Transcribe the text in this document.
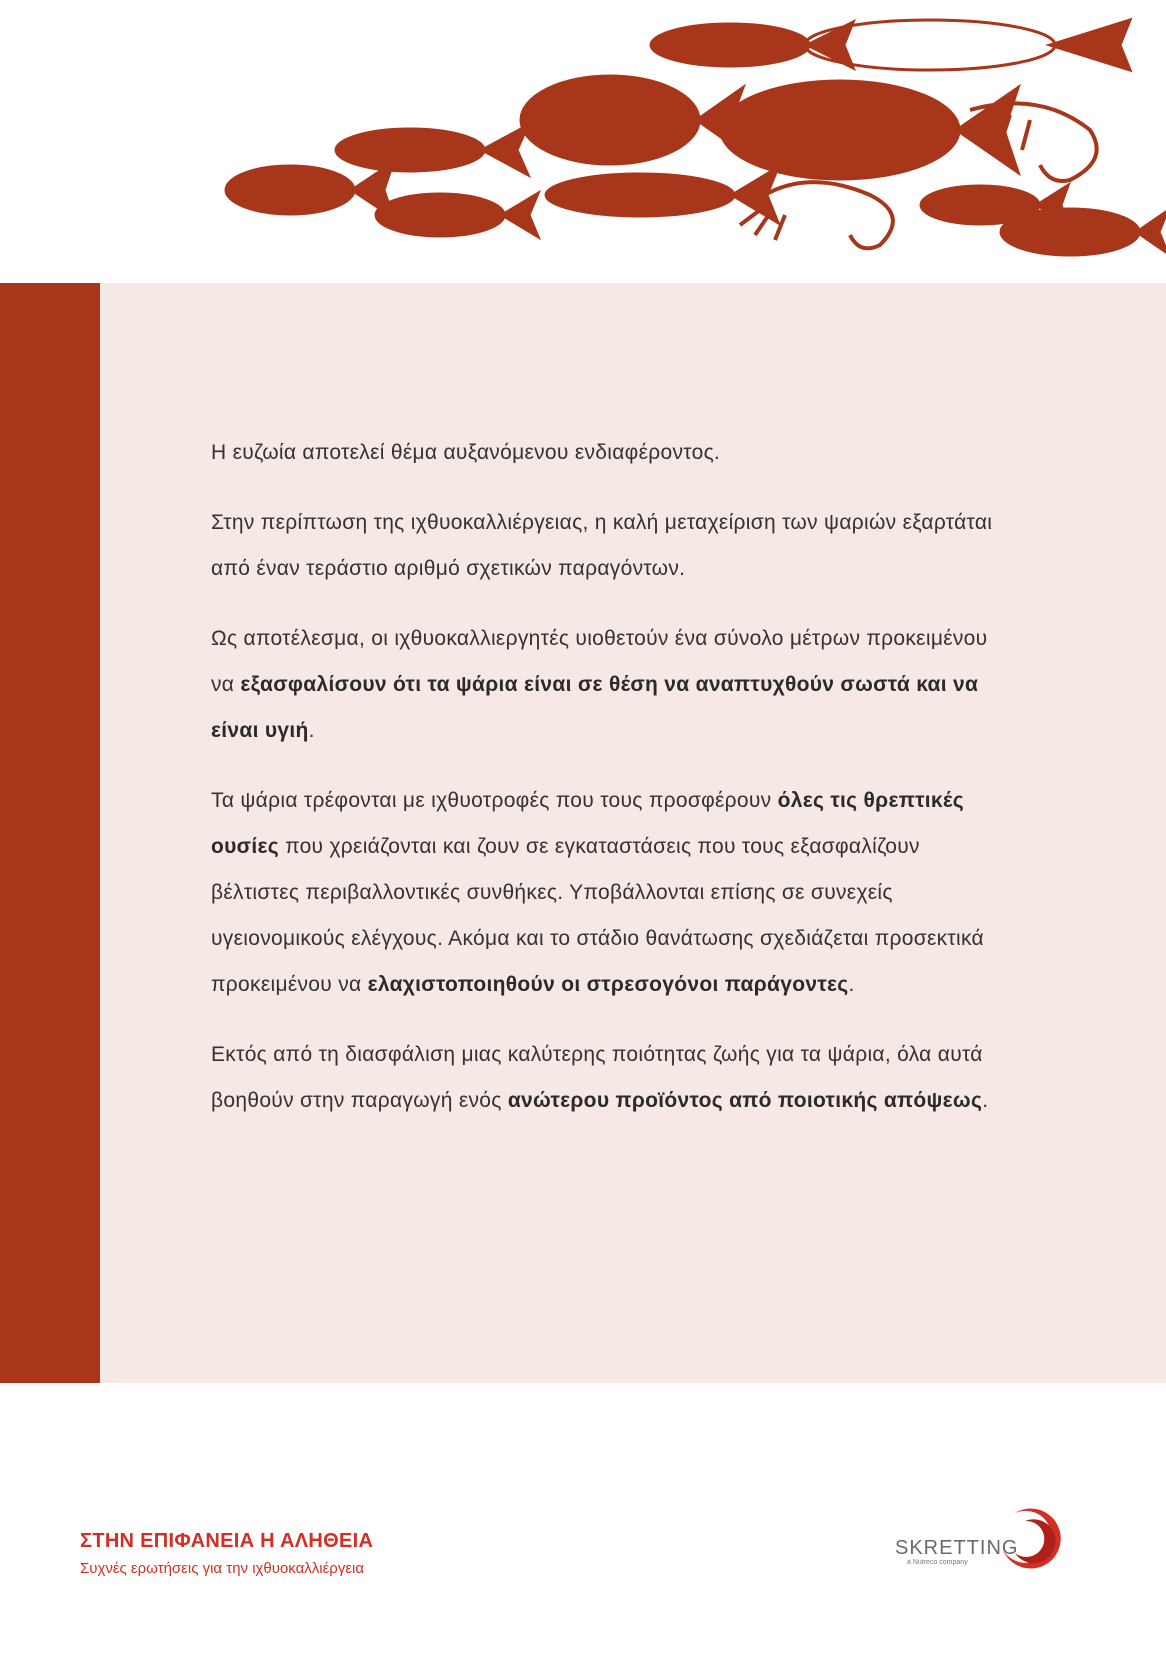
Η ευζωία αποτελεί θέμα αυξανόμενου ενδιαφέροντος.

Στην περίπτωση της ιχθυοκαλλιέργειας, η καλή μεταχείριση των ψαριών εξαρτάται από έναν τεράστιο αριθμό σχετικών παραγόντων.

Ως αποτέλεσμα, οι ιχθυοκαλλιεργητές υιοθετούν ένα σύνολο μέτρων προκειμένου να εξασφαλίσουν ότι τα ψάρια είναι σε θέση να αναπτυχθούν σωστά και να είναι υγιή.

Τα ψάρια τρέφονται με ιχθυοτροφές που τους προσφέρουν όλες τις θρεπτικές ουσίες που χρειάζονται και ζουν σε εγκαταστάσεις που τους εξασφαλίζουν βέλτιστες περιβαλλοντικές συνθήκες. Υποβάλλονται επίσης σε συνεχείς υγειονομικούς ελέγχους. Ακόμα και το στάδιο θανάτωσης σχεδιάζεται προσεκτικά προκειμένου να ελαχιστοποιηθούν οι στρεσογόνοι παράγοντες.

Εκτός από τη διασφάλιση μιας καλύτερης ποιότητας ζωής για τα ψάρια, όλα αυτά βοηθούν στην παραγωγή ενός ανώτερου προϊόντος από ποιοτικής απόψεως.

ΣΤΗΝ ΕΠΙΦΑΝΕΙΑ Η ΑΛΗΘΕΙΑ
Συχνές ερωτήσεις για την ιχθυοκαλλιέργεια
SKRETTING
a Nutreco company
